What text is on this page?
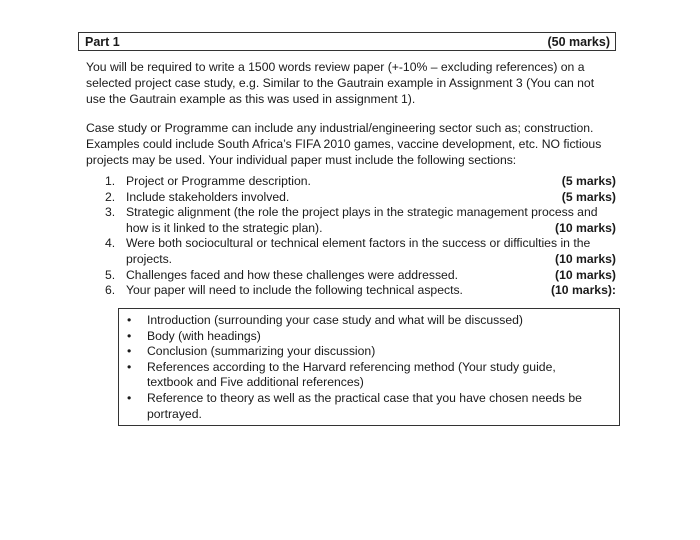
Part 1	(50 marks)

You will be required to write a 1500 words review paper (+-10% – excluding references) on a selected project case study, e.g. Similar to the Gautrain example in Assignment 3 (You can not use the Gautrain example as this was used in assignment 1).

Case study or Programme can include any industrial/engineering sector such as; construction. Examples could include South Africa’s FIFA 2010 games, vaccine development, etc. NO fictious projects may be used. Your individual paper must include the following sections:

1. Project or Programme description.	(5 marks)
2. Include stakeholders involved.	(5 marks)
3. Strategic alignment (the role the project plays in the strategic management process and
how is it linked to the strategic plan).	(10 marks)
4. Were both sociocultural or technical element factors in the success or difficulties in the
projects.	(10 marks)
5. Challenges faced and how these challenges were addressed.	(10 marks)
6. Your paper will need to include the following technical aspects.	(10 marks):
• Introduction (surrounding your case study and what will be discussed)
• Body (with headings)
• Conclusion (summarizing your discussion)
• References according to the Harvard referencing method (Your study guide, textbook and Five additional references)
• Reference to theory as well as the practical case that you have chosen needs be portrayed.
